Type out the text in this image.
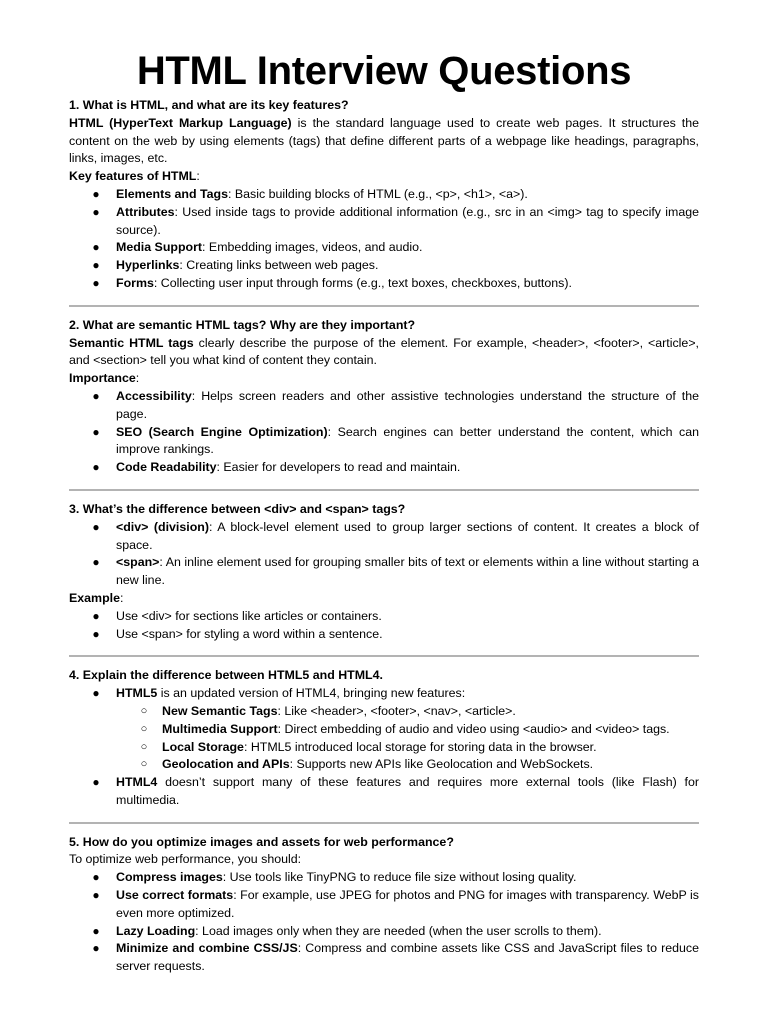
HTML Interview Questions

1. What is HTML, and what are its key features?

HTML (HyperText Markup Language) is the standard language used to create web pages. It structures the content on the web by using elements (tags) that define different parts of a webpage like headings, paragraphs, links, images, etc.

Key features of HTML:

● Elements and Tags: Basic building blocks of HTML (e.g., <p>, <h1>, <a>).
● Attributes: Used inside tags to provide additional information (e.g., src in an <img> tag to specify image source).
● Media Support: Embedding images, videos, and audio.
● Hyperlinks: Creating links between web pages.
● Forms: Collecting user input through forms (e.g., text boxes, checkboxes, buttons).

2. What are semantic HTML tags? Why are they important?

Semantic HTML tags clearly describe the purpose of the element. For example, <header>, <footer>, <article>, and <section> tell you what kind of content they contain.

Importance:

● Accessibility: Helps screen readers and other assistive technologies understand the structure of the page.
● SEO (Search Engine Optimization): Search engines can better understand the content, which can improve rankings.
● Code Readability: Easier for developers to read and maintain.

3. What’s the difference between <div> and <span> tags?

● <div> (division): A block-level element used to group larger sections of content. It creates a block of space.
● <span>: An inline element used for grouping smaller bits of text or elements within a line without starting a new line.

Example:

● Use <div> for sections like articles or containers.
● Use <span> for styling a word within a sentence.

4. Explain the difference between HTML5 and HTML4.

● HTML5 is an updated version of HTML4, bringing new features:
○ New Semantic Tags: Like <header>, <footer>, <nav>, <article>.
○ Multimedia Support: Direct embedding of audio and video using <audio> and <video> tags.
○ Local Storage: HTML5 introduced local storage for storing data in the browser.
○ Geolocation and APIs: Supports new APIs like Geolocation and WebSockets.
● HTML4 doesn’t support many of these features and requires more external tools (like Flash) for multimedia.

5. How do you optimize images and assets for web performance?

To optimize web performance, you should:

● Compress images: Use tools like TinyPNG to reduce file size without losing quality.
● Use correct formats: For example, use JPEG for photos and PNG for images with transparency. WebP is even more optimized.
● Lazy Loading: Load images only when they are needed (when the user scrolls to them).
● Minimize and combine CSS/JS: Compress and combine assets like CSS and JavaScript files to reduce server requests.
